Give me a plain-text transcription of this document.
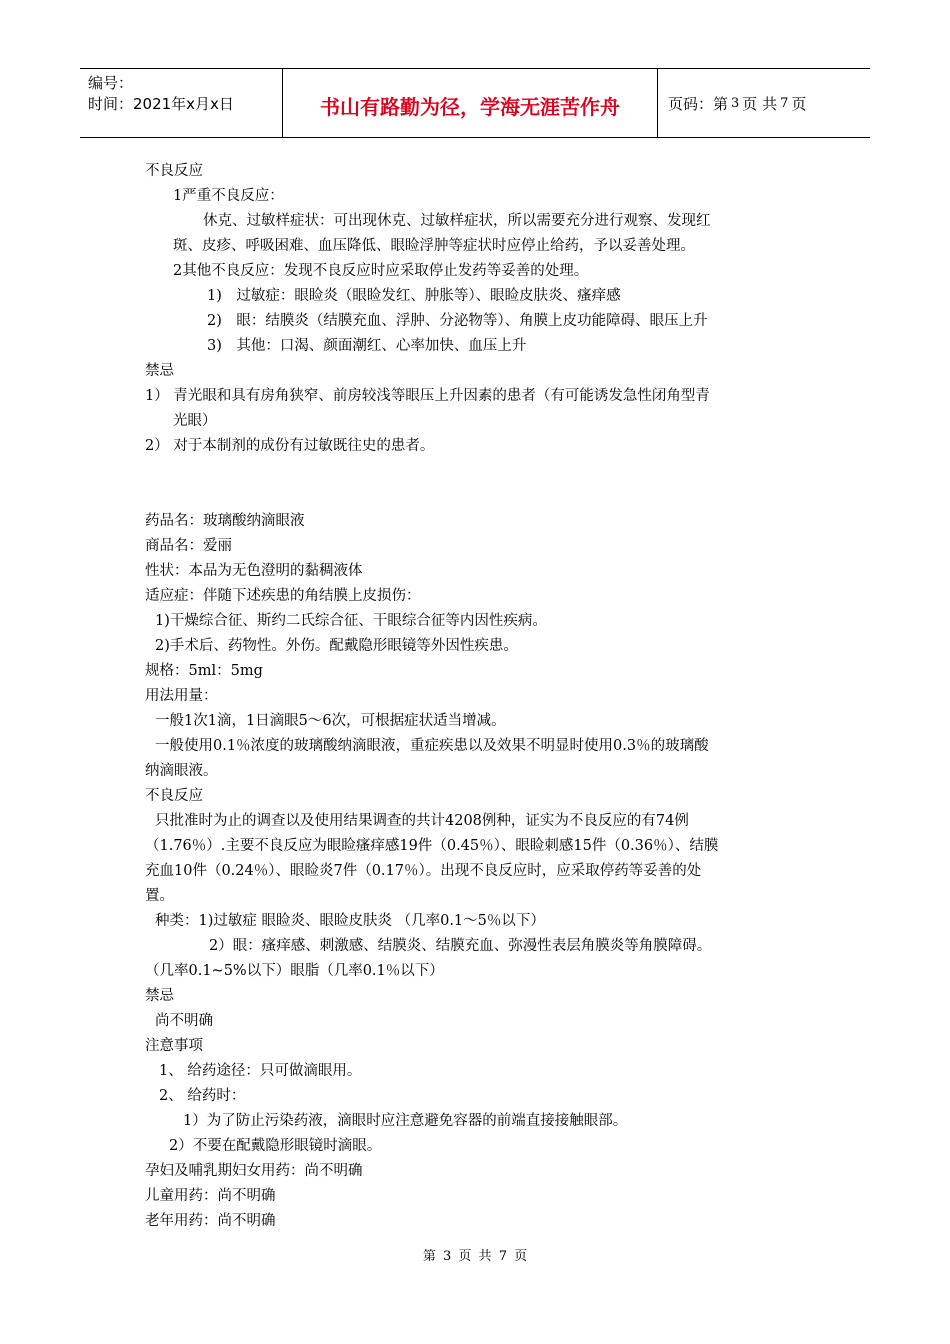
编号：
时间：2021年x月x日	书山有路勤为径，学海无涯苦作舟	页码：第 3 页 共 7 页

不良反应

1严重不良反应：

休克、过敏样症状：可出现休克、过敏样症状，所以需要充分进行观察、发现红

斑、皮疹、呼吸困难、血压降低、眼睑浮肿等症状时应停止给药，予以妥善处理。

2其他不良反应：发现不良反应时应采取停止发药等妥善的处理。

1)　过敏症：眼睑炎（眼睑发红、肿胀等）、眼睑皮肤炎、瘙痒感

2)　眼：结膜炎（结膜充血、浮肿、分泌物等）、角膜上皮功能障碍、眼压上升

3)　其他：口渴、颜面潮红、心率加快、血压上升

禁忌

1） 青光眼和具有房角狭窄、前房较浅等眼压上升因素的患者（有可能诱发急性闭角型青

光眼）

2） 对于本制剂的成份有过敏既往史的患者。

药品名：玻璃酸纳滴眼液

商品名：爱丽

性状：本品为无色澄明的黏稠液体

适应症：伴随下述疾患的角结膜上皮损伤：

1)干燥综合征、斯约二氏综合征、干眼综合征等内因性疾病。

2)手术后、药物性。外伤。配戴隐形眼镜等外因性疾患。

规格：5ml：5mg

用法用量：

一般1次1滴，1日滴眼5～6次，可根据症状适当增减。

一般使用0.1％浓度的玻璃酸纳滴眼液，重症疾患以及效果不明显时使用0.3％的玻璃酸

纳滴眼液。

不良反应

只批准时为止的调查以及使用结果调查的共计4208例种，证实为不良反应的有74例

（1.76％）.主要不良反应为眼睑瘙痒感19件（0.45％）、眼睑刺感15件（0.36％）、结膜

充血10件（0.24％）、眼睑炎7件（0.17％）。出现不良反应时，应采取停药等妥善的处

置。

种类：1)过敏症 眼睑炎、眼睑皮肤炎 （几率0.1～5％以下）

2）眼：瘙痒感、刺激感、结膜炎、结膜充血、弥漫性表层角膜炎等角膜障碍。

（几率0.1~5%以下）眼脂（几率0.1％以下）

禁忌

尚不明确

注意事项

1、 给药途径：只可做滴眼用。

2、 给药时：

1）为了防止污染药液，滴眼时应注意避免容器的前端直接接触眼部。

2）不要在配戴隐形眼镜时滴眼。

孕妇及哺乳期妇女用药：尚不明确

儿童用药：尚不明确

老年用药：尚不明确

第 3 页 共 7 页
